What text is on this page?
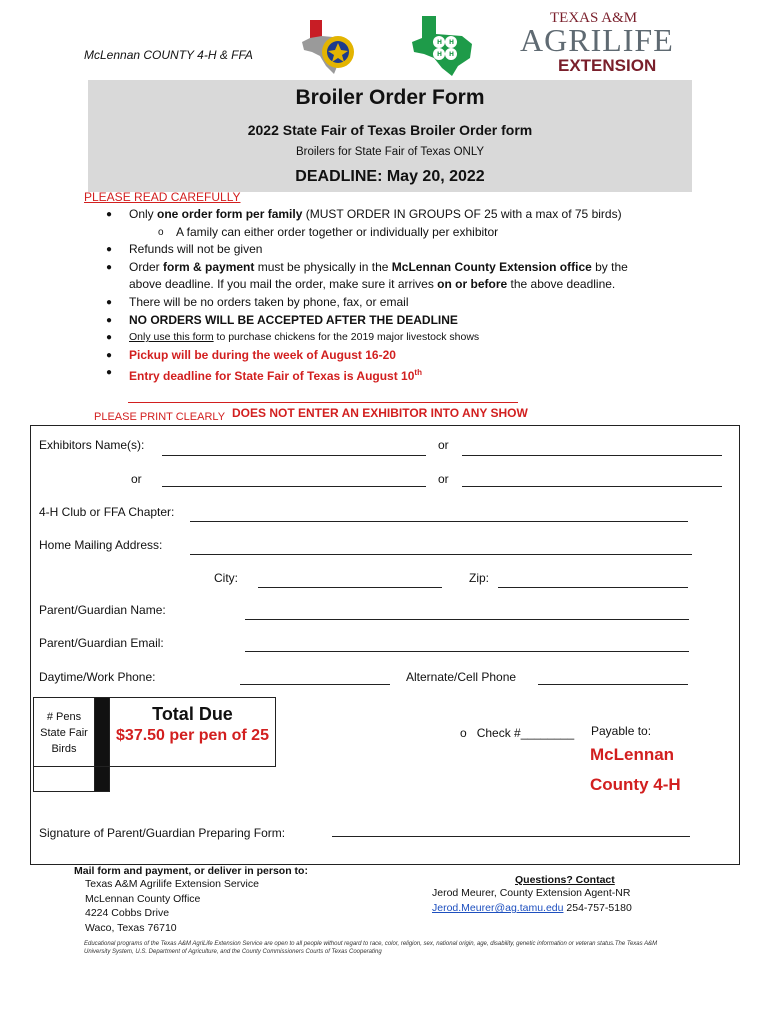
McLennan COUNTY 4-H & FFA
H H
H H
TEXAS A&M
AGRILIFE
EXTENSION
Broiler Order Form
2022 State Fair of Texas Broiler Order form
Broilers for State Fair of Texas ONLY
DEADLINE: May 20, 2022
PLEASE READ CAREFULLY
● Only one order form per family (MUST ORDER IN GROUPS OF 25 with a max of 75 birds)
o A family can either order together or individually per exhibitor
● Refunds will not be given
● Order form & payment must be physically in the McLennan County Extension office by the
above deadline. If you mail the order, make sure it arrives on or before the above deadline.
● There will be no orders taken by phone, fax, or email
● NO ORDERS WILL BE ACCEPTED AFTER THE DEADLINE
● Only use this form to purchase chickens for the 2019 major livestock shows
● Pickup will be during the week of August 16-20
● Entry deadline for State Fair of Texas is August 10th
PLEASE PRINT CLEARLY DOES NOT ENTER AN EXHIBITOR INTO ANY SHOW
Exhibitors Name(s):	or
or	or
4-H Club or FFA Chapter:
Home Mailing Address:
City:	Zip:
Parent/Guardian Name:
Parent/Guardian Email:
Daytime/Work Phone:	Alternate/Cell Phone
# Pens State Fair Birds		Total Due
$37.50 per pen of 25

			o Check #________ Payable to:
McLennan
County 4-H
Signature of Parent/Guardian Preparing Form:
Mail form and payment, or deliver in person to:
Texas A&M Agrilife Extension Service
McLennan County Office
4224 Cobbs Drive
Waco, Texas 76710
Questions? Contact
Jerod Meurer, County Extension Agent-NR
Jerod.Meurer@ag.tamu.edu 254-757-5180
Educational programs of the Texas A&M AgriLife Extension Service are open to all people without regard to race, color, religion, sex, national origin, age, disability, genetic information or veteran status.The Texas A&M University System, U.S. Department of Agriculture, and the County Commissioners Courts of Texas Cooperating
